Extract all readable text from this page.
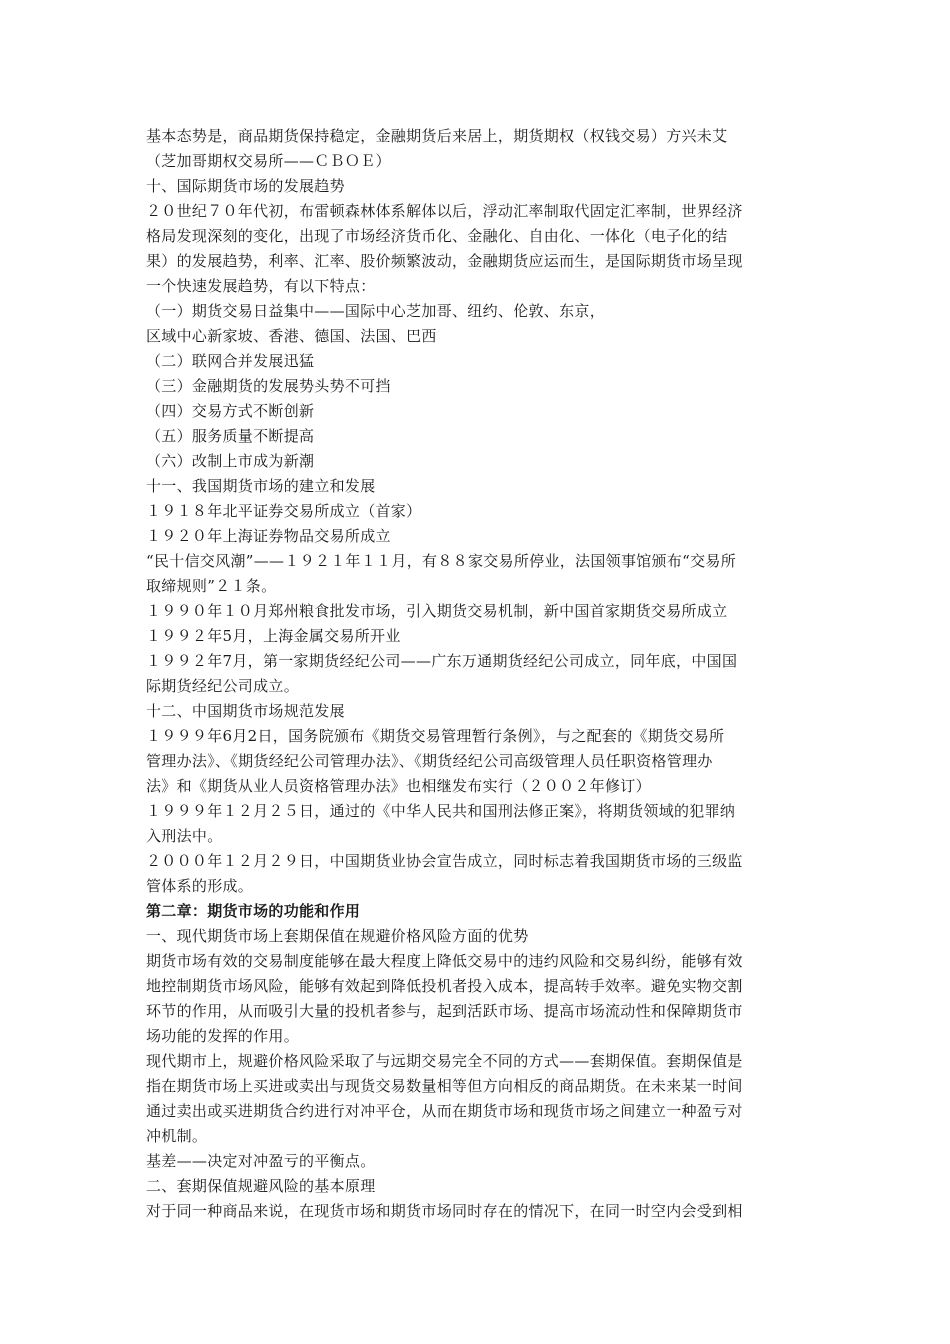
基本态势是，商品期货保持稳定，金融期货后来居上，期货期权（权钱交易）方兴未艾
（芝加哥期权交易所——ＣＢＯＥ）
十、国际期货市场的发展趋势
２０世纪７０年代初，布雷顿森林体系解体以后，浮动汇率制取代固定汇率制，世界经济
格局发现深刻的变化，出现了市场经济货币化、金融化、自由化、一体化（电子化的结
果）的发展趋势，利率、汇率、股价频繁波动，金融期货应运而生，是国际期货市场呈现
一个快速发展趋势，有以下特点：
（一）期货交易日益集中——国际中心芝加哥、纽约、伦敦、东京，
区域中心新家坡、香港、德国、法国、巴西
（二）联网合并发展迅猛
（三）金融期货的发展势头势不可挡
（四）交易方式不断创新
（五）服务质量不断提高
（六）改制上市成为新潮
十一、我国期货市场的建立和发展
１９１８年北平证券交易所成立（首家）
１９２０年上海证券物品交易所成立
“民十信交风潮”——１９２１年１１月，有８８家交易所停业，法国领事馆颁布“交易所
取缔规则”２１条。
１９９０年１０月郑州粮食批发市场，引入期货交易机制，新中国首家期货交易所成立
１９９２年5月，上海金属交易所开业
１９９２年7月，第一家期货经纪公司——广东万通期货经纪公司成立，同年底，中国国
际期货经纪公司成立。
十二、中国期货市场规范发展
１９９９年6月2日，国务院颁布《期货交易管理暂行条例》，与之配套的《期货交易所
管理办法》、《期货经纪公司管理办法》、《期货经纪公司高级管理人员任职资格管理办
法》和《期货从业人员资格管理办法》也相继发布实行（２００２年修订）
１９９９年１２月２５日，通过的《中华人民共和国刑法修正案》，将期货领域的犯罪纳
入刑法中。
２０００年１２月２９日，中国期货业协会宣告成立，同时标志着我国期货市场的三级监
管体系的形成。
第二章：期货市场的功能和作用
一、现代期货市场上套期保值在规避价格风险方面的优势
期货市场有效的交易制度能够在最大程度上降低交易中的违约风险和交易纠纷，能够有效
地控制期货市场风险，能够有效起到降低投机者投入成本，提高转手效率。避免实物交割
环节的作用，从而吸引大量的投机者参与，起到活跃市场、提高市场流动性和保障期货市
场功能的发挥的作用。
现代期市上，规避价格风险采取了与远期交易完全不同的方式——套期保值。套期保值是
指在期货市场上买进或卖出与现货交易数量相等但方向相反的商品期货。在未来某一时间
通过卖出或买进期货合约进行对冲平仓，从而在期货市场和现货市场之间建立一种盈亏对
冲机制。
基差——决定对冲盈亏的平衡点。
二、套期保值规避风险的基本原理
对于同一种商品来说，在现货市场和期货市场同时存在的情况下，在同一时空内会受到相
